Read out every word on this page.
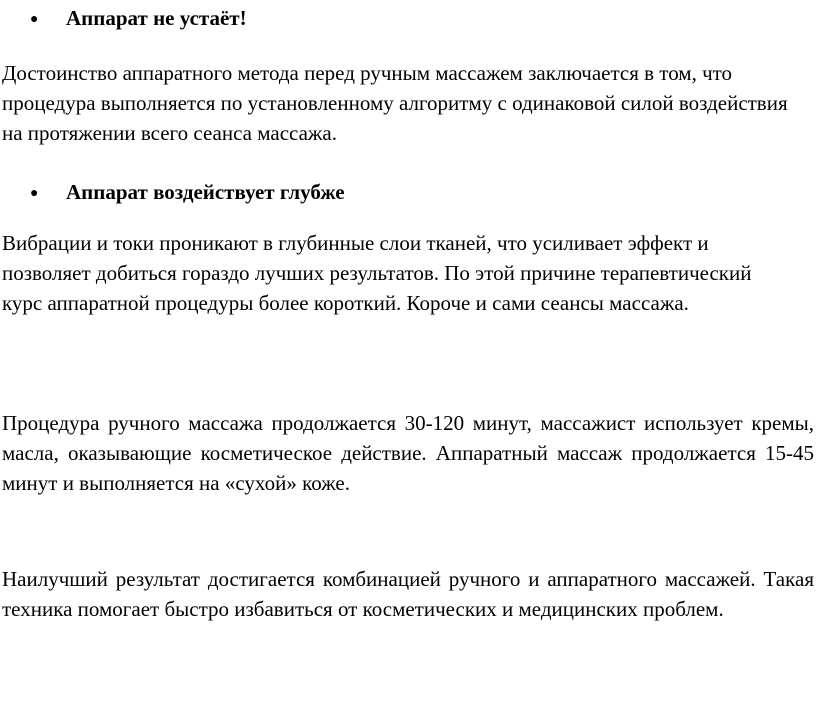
● Аппарат не устаёт!
Достоинство аппаратного метода перед ручным массажем заключается в том, что процедура выполняется по установленному алгоритму с одинаковой силой воздействия на протяжении всего сеанса массажа.
● Аппарат воздействует глубже
Вибрации и токи проникают в глубинные слои тканей, что усиливает эффект и позволяет добиться гораздо лучших результатов. По этой причине терапевтический курс аппаратной процедуры более короткий. Короче и сами сеансы массажа.
Процедура ручного массажа продолжается 30-120 минут, массажист использует кремы, масла, оказывающие косметическое действие. Аппаратный массаж продолжается 15-45 минут и выполняется на «сухой» коже.
Наилучший результат достигается комбинацией ручного и аппаратного массажей. Такая техника помогает быстро избавиться от косметических и медицинских проблем.
